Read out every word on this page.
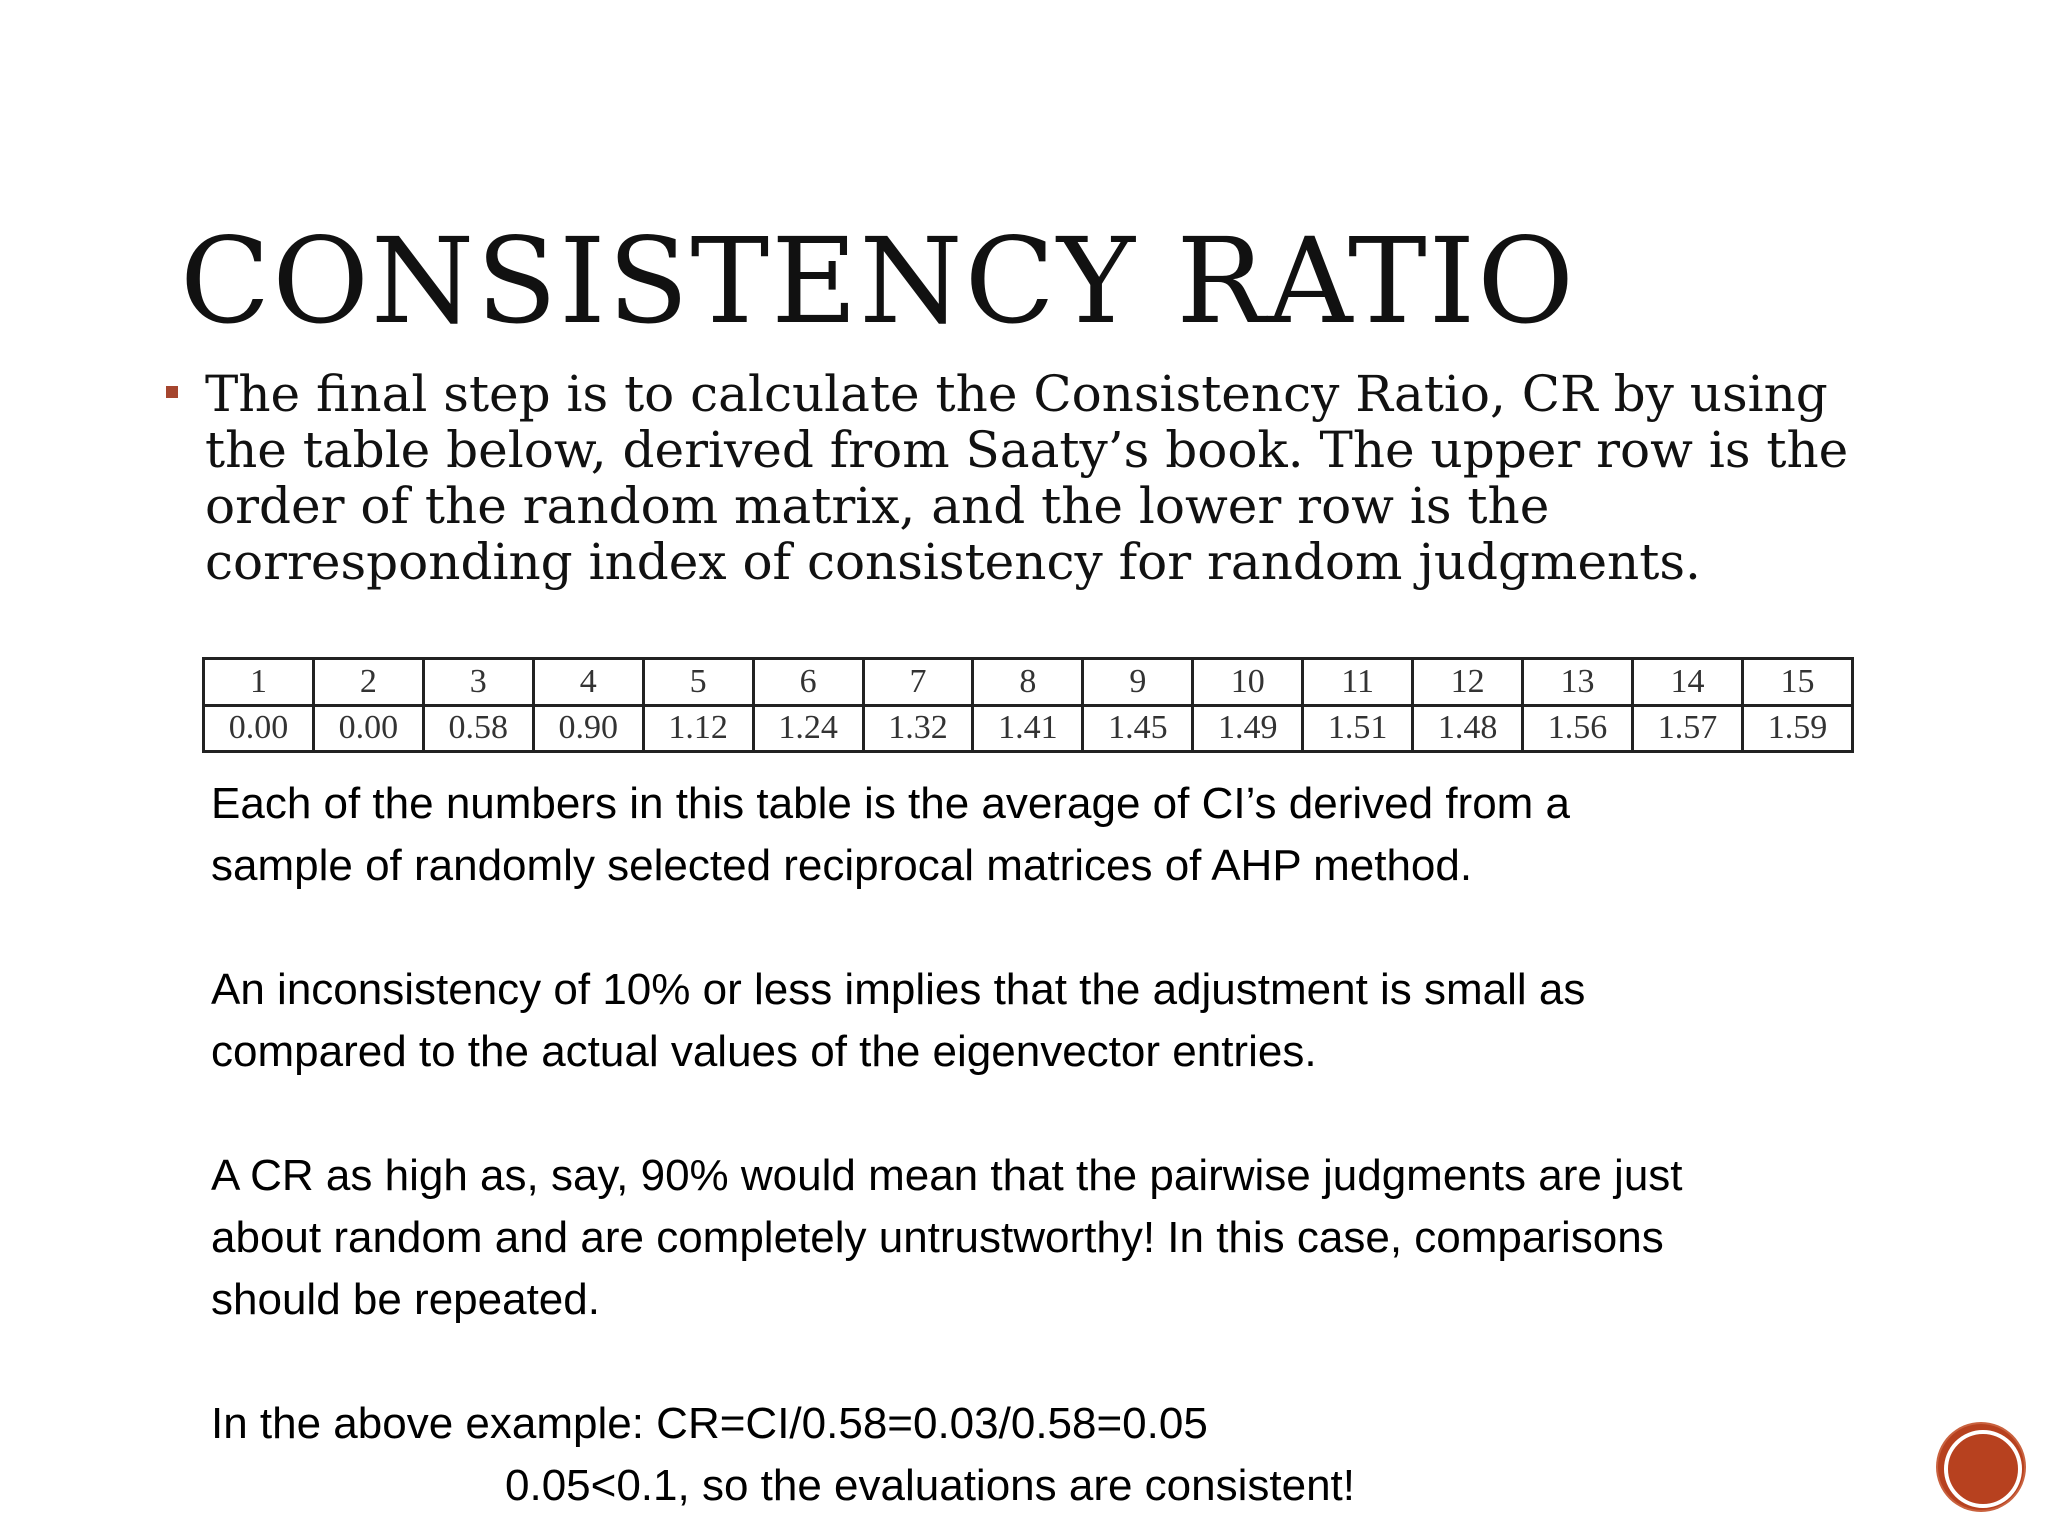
CONSISTENCY RATIO

The final step is to calculate the Consistency Ratio, CR by using the table below, derived from Saaty’s book. The upper row is the order of the random matrix, and the lower row is the corresponding index of consistency for random judgments.

1	2	3	4	5	6	7	8	9	10	11	12	13	14	15
0.00	0.00	0.58	0.90	1.12	1.24	1.32	1.41	1.45	1.49	1.51	1.48	1.56	1.57	1.59

Each of the numbers in this table is the average of CI’s derived from a
sample of randomly selected reciprocal matrices of AHP method.

An inconsistency of 10% or less implies that the adjustment is small as
compared to the actual values of the eigenvector entries.

A CR as high as, say, 90% would mean that the pairwise judgments are just
about random and are completely untrustworthy! In this case, comparisons
should be repeated.

In the above example: CR=CI/0.58=0.03/0.58=0.05

0.05<0.1, so the evaluations are consistent!
